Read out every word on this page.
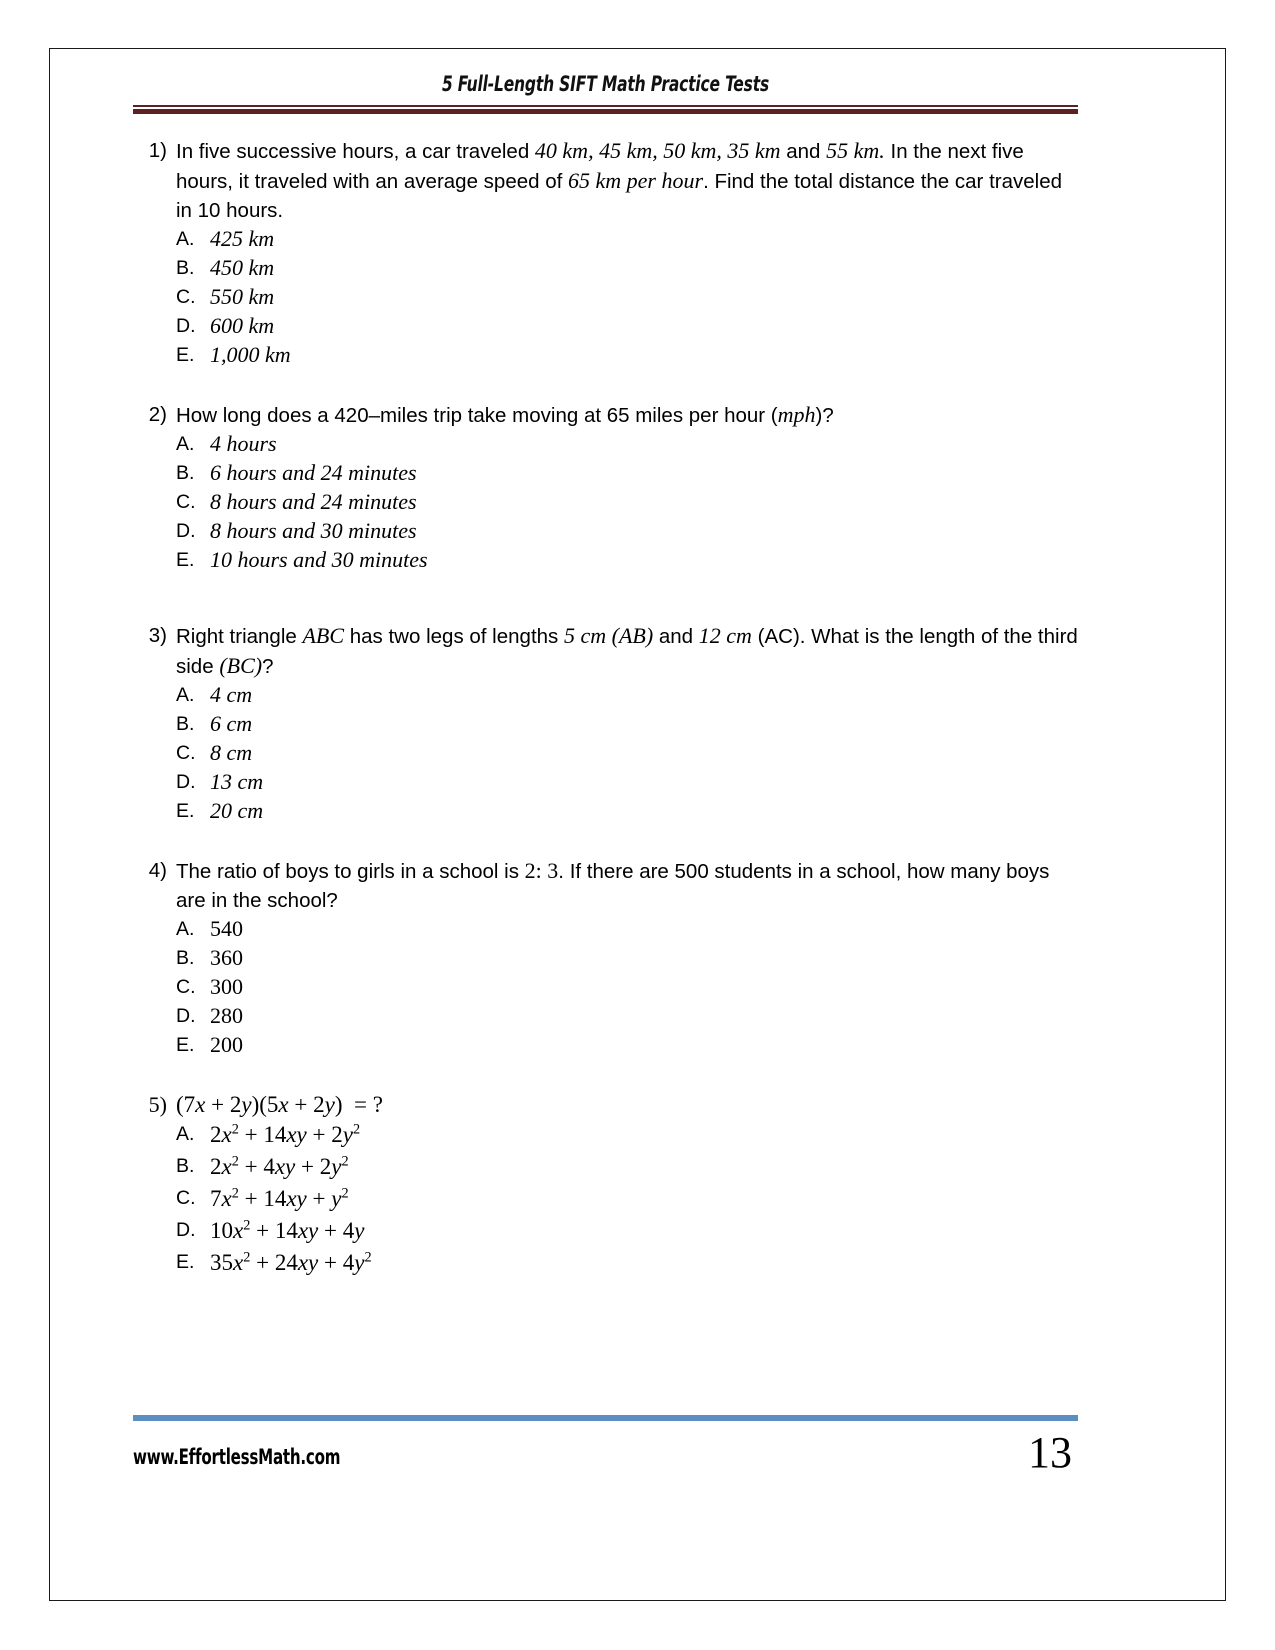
5 Full-Length SIFT Math Practice Tests
1) In five successive hours, a car traveled 40 km, 45 km, 50 km, 35 km and 55 km. In the next five hours, it traveled with an average speed of 65 km per hour. Find the total distance the car traveled in 10 hours.
A. 425 km
B. 450 km
C. 550 km
D. 600 km
E. 1,000 km
2) How long does a 420–miles trip take moving at 65 miles per hour (mph)?
A. 4 hours
B. 6 hours and 24 minutes
C. 8 hours and 24 minutes
D. 8 hours and 30 minutes
E. 10 hours and 30 minutes
3) Right triangle ABC has two legs of lengths 5 cm (AB) and 12 cm (AC). What is the length of the third side (BC)?
A. 4 cm
B. 6 cm
C. 8 cm
D. 13 cm
E. 20 cm
4) The ratio of boys to girls in a school is 2: 3. If there are 500 students in a school, how many boys are in the school?
A. 540
B. 360
C. 300
D. 280
E. 200
5) (7x + 2y)(5x + 2y)  = ?
A. $2x^2 + 14xy + 2y^2$
B. $2x^2 + 4xy + 2y^2$
C. $7x^2 + 14xy + y^2$
D. $10x^2 + 14xy + 4y$
E. $35x^2 + 24xy + 4y^2$
www.EffortlessMath.com	13
